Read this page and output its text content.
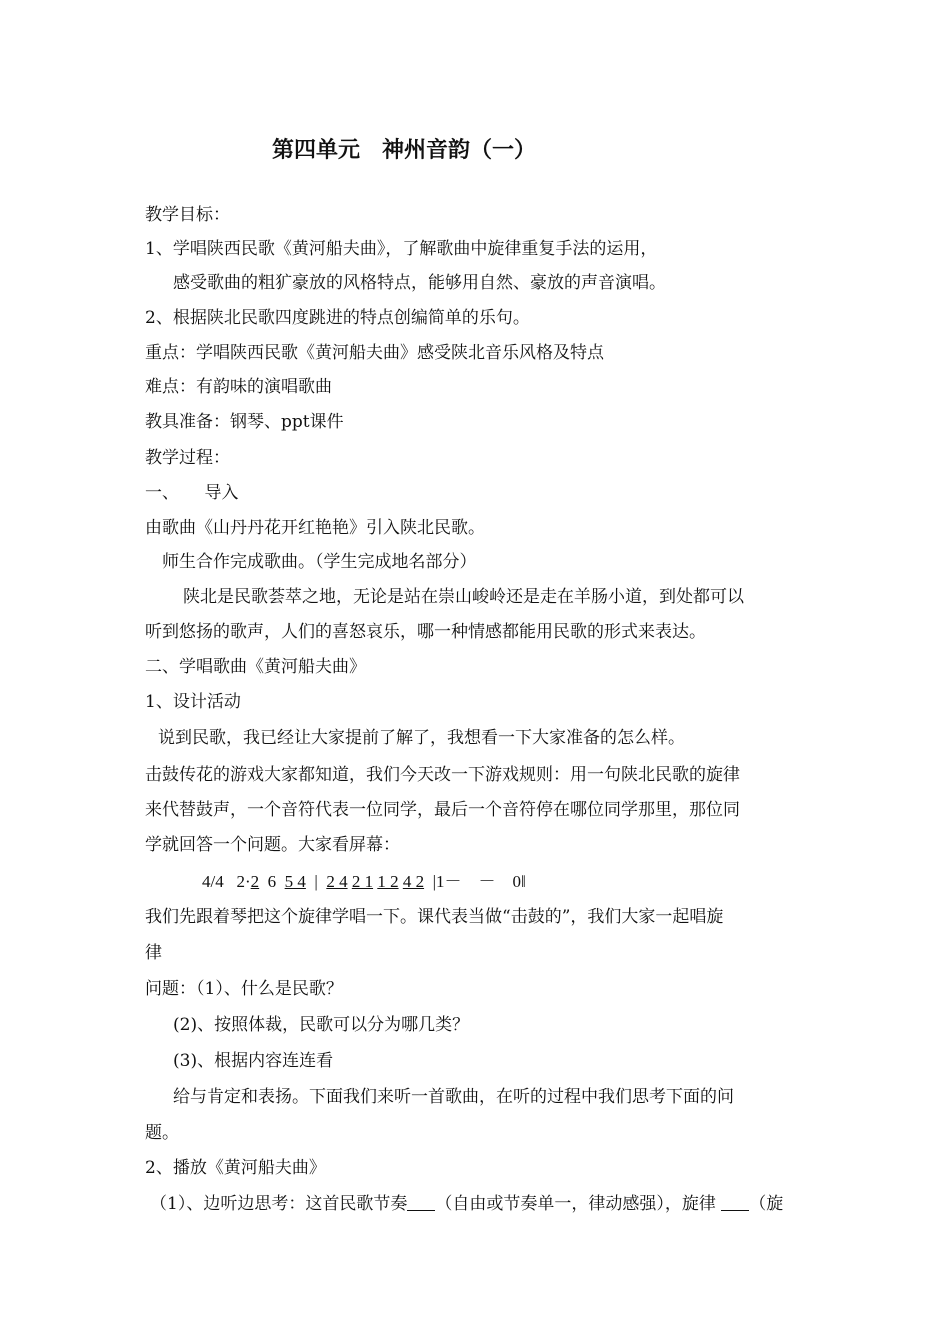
第四单元　神州音韵（一）
教学目标：
1、学唱陕西民歌《黄河船夫曲》，了解歌曲中旋律重复手法的运用，
感受歌曲的粗犷豪放的风格特点，能够用自然、豪放的声音演唱。
2、根据陕北民歌四度跳进的特点创编简单的乐句。
重点：学唱陕西民歌《黄河船夫曲》感受陕北音乐风格及特点
难点：有韵味的演唱歌曲
教具准备：钢琴、ppt课件
教学过程：
一、　　导入
由歌曲《山丹丹花开红艳艳》引入陕北民歌。
师生合作完成歌曲。（学生完成地名部分）
陕北是民歌荟萃之地，无论是站在崇山峻岭还是走在羊肠小道，到处都可以
听到悠扬的歌声，人们的喜怒哀乐，哪一种情感都能用民歌的形式来表达。
二、学唱歌曲《黄河船夫曲》
1、设计活动
说到民歌，我已经让大家提前了解了，我想看一下大家准备的怎么样。
击鼓传花的游戏大家都知道，我们今天改一下游戏规则：用一句陕北民歌的旋律
来代替鼓声，一个音符代表一位同学，最后一个音符停在哪位同学那里，那位同
学就回答一个问题。大家看屏幕：
4/4 2·2 6 5 4 | 2 4 2 1 1 2 4 2 |1－　－　0‖
我们先跟着琴把这个旋律学唱一下。课代表当做“击鼓的”，我们大家一起唱旋
律
问题：（1）、什么是民歌？
(2)、按照体裁，民歌可以分为哪几类？
(3)、根据内容连连看
给与肯定和表扬。下面我们来听一首歌曲，在听的过程中我们思考下面的问
题。
2、播放《黄河船夫曲》
（1）、边听边思考：这首民歌节奏 （自由或节奏单一，律动感强），旋律 （旋
